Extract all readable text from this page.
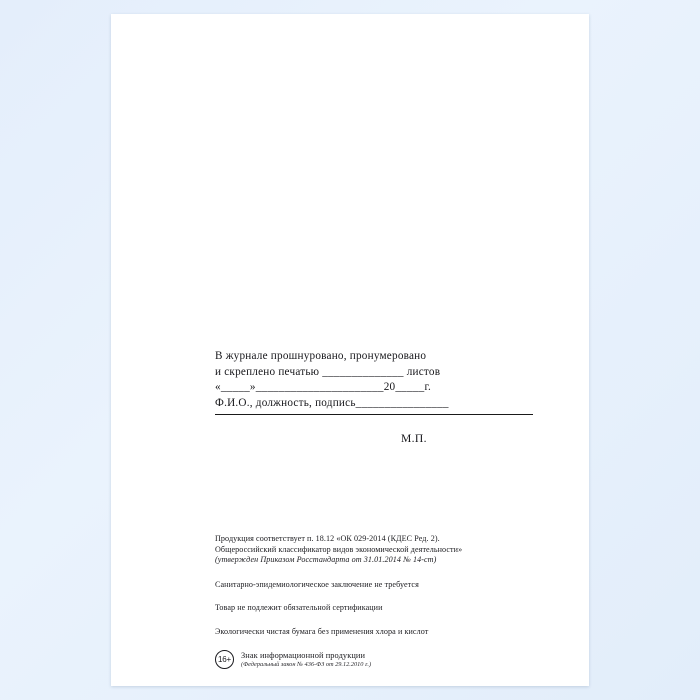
В журнале прошнуровано, пронумеровано
и скреплено печатью ______________ листов
«_____»______________________20_____г.
Ф.И.О., должность, подпись________________
М.П.

Продукция соответствует п. 18.12 «ОК 029-2014 (КДЕС Ред. 2).

Общероссийский классификатор видов экономической деятельности»

(утвержден Приказом Росстандарта от 31.01.2014 № 14-ст)

Санитарно-эпидемиологическое заключение не требуется

Товар не подлежит обязательной сертификации

Экологически чистая бумага без применения хлора и кислот

16+	Знак информационной продукции
(Федеральный закон № 436-ФЗ от 29.12.2010 г.)
